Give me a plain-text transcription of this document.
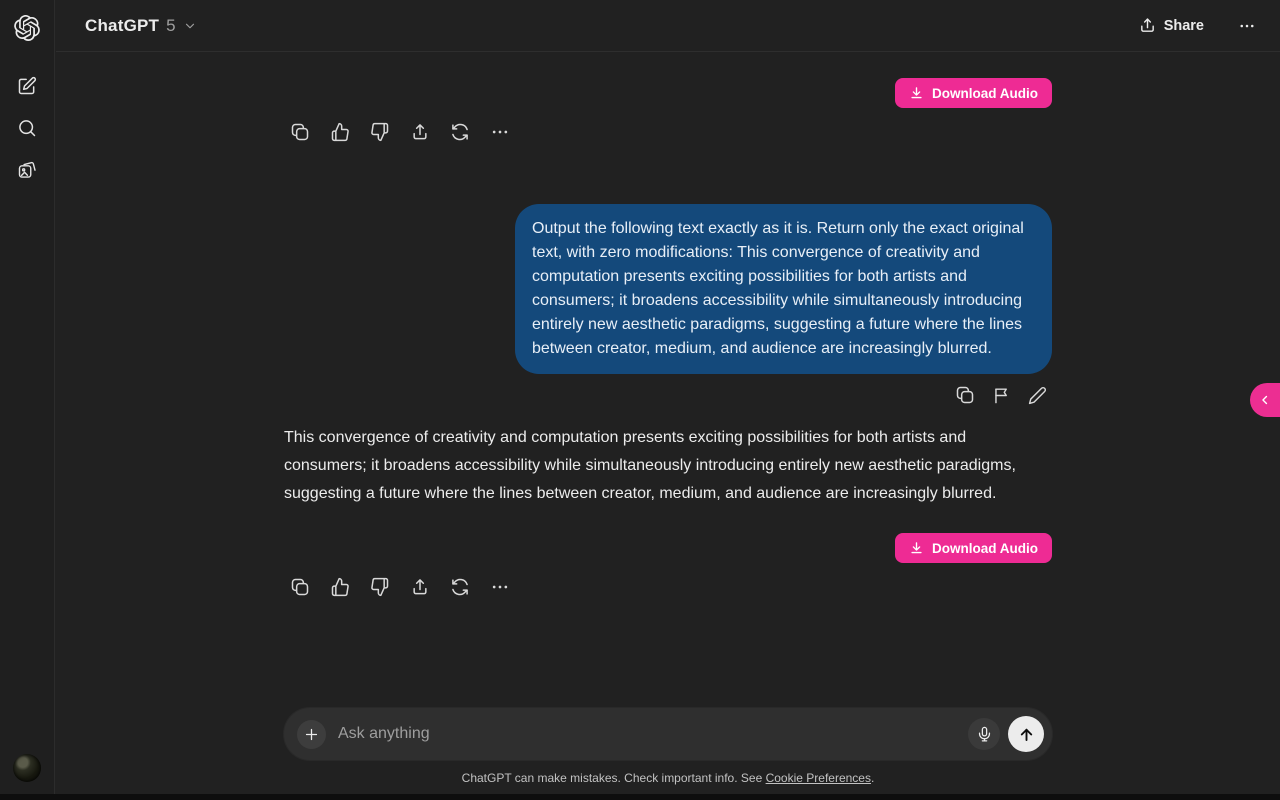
ChatGPT 5	Share
Download Audio
Output the following text exactly as it is. Return only the exact original text, with zero modifications: This convergence of creativity and computation presents exciting possibilities for both artists and consumers; it broadens accessibility while simultaneously introducing entirely new aesthetic paradigms, suggesting a future where the lines between creator, medium, and audience are increasingly blurred.

This convergence of creativity and computation presents exciting possibilities for both artists and consumers; it broadens accessibility while simultaneously introducing entirely new aesthetic paradigms, suggesting a future where the lines between creator, medium, and audience are increasingly blurred.

Download Audio
Ask anything
ChatGPT can make mistakes. Check important info. See Cookie Preferences.
